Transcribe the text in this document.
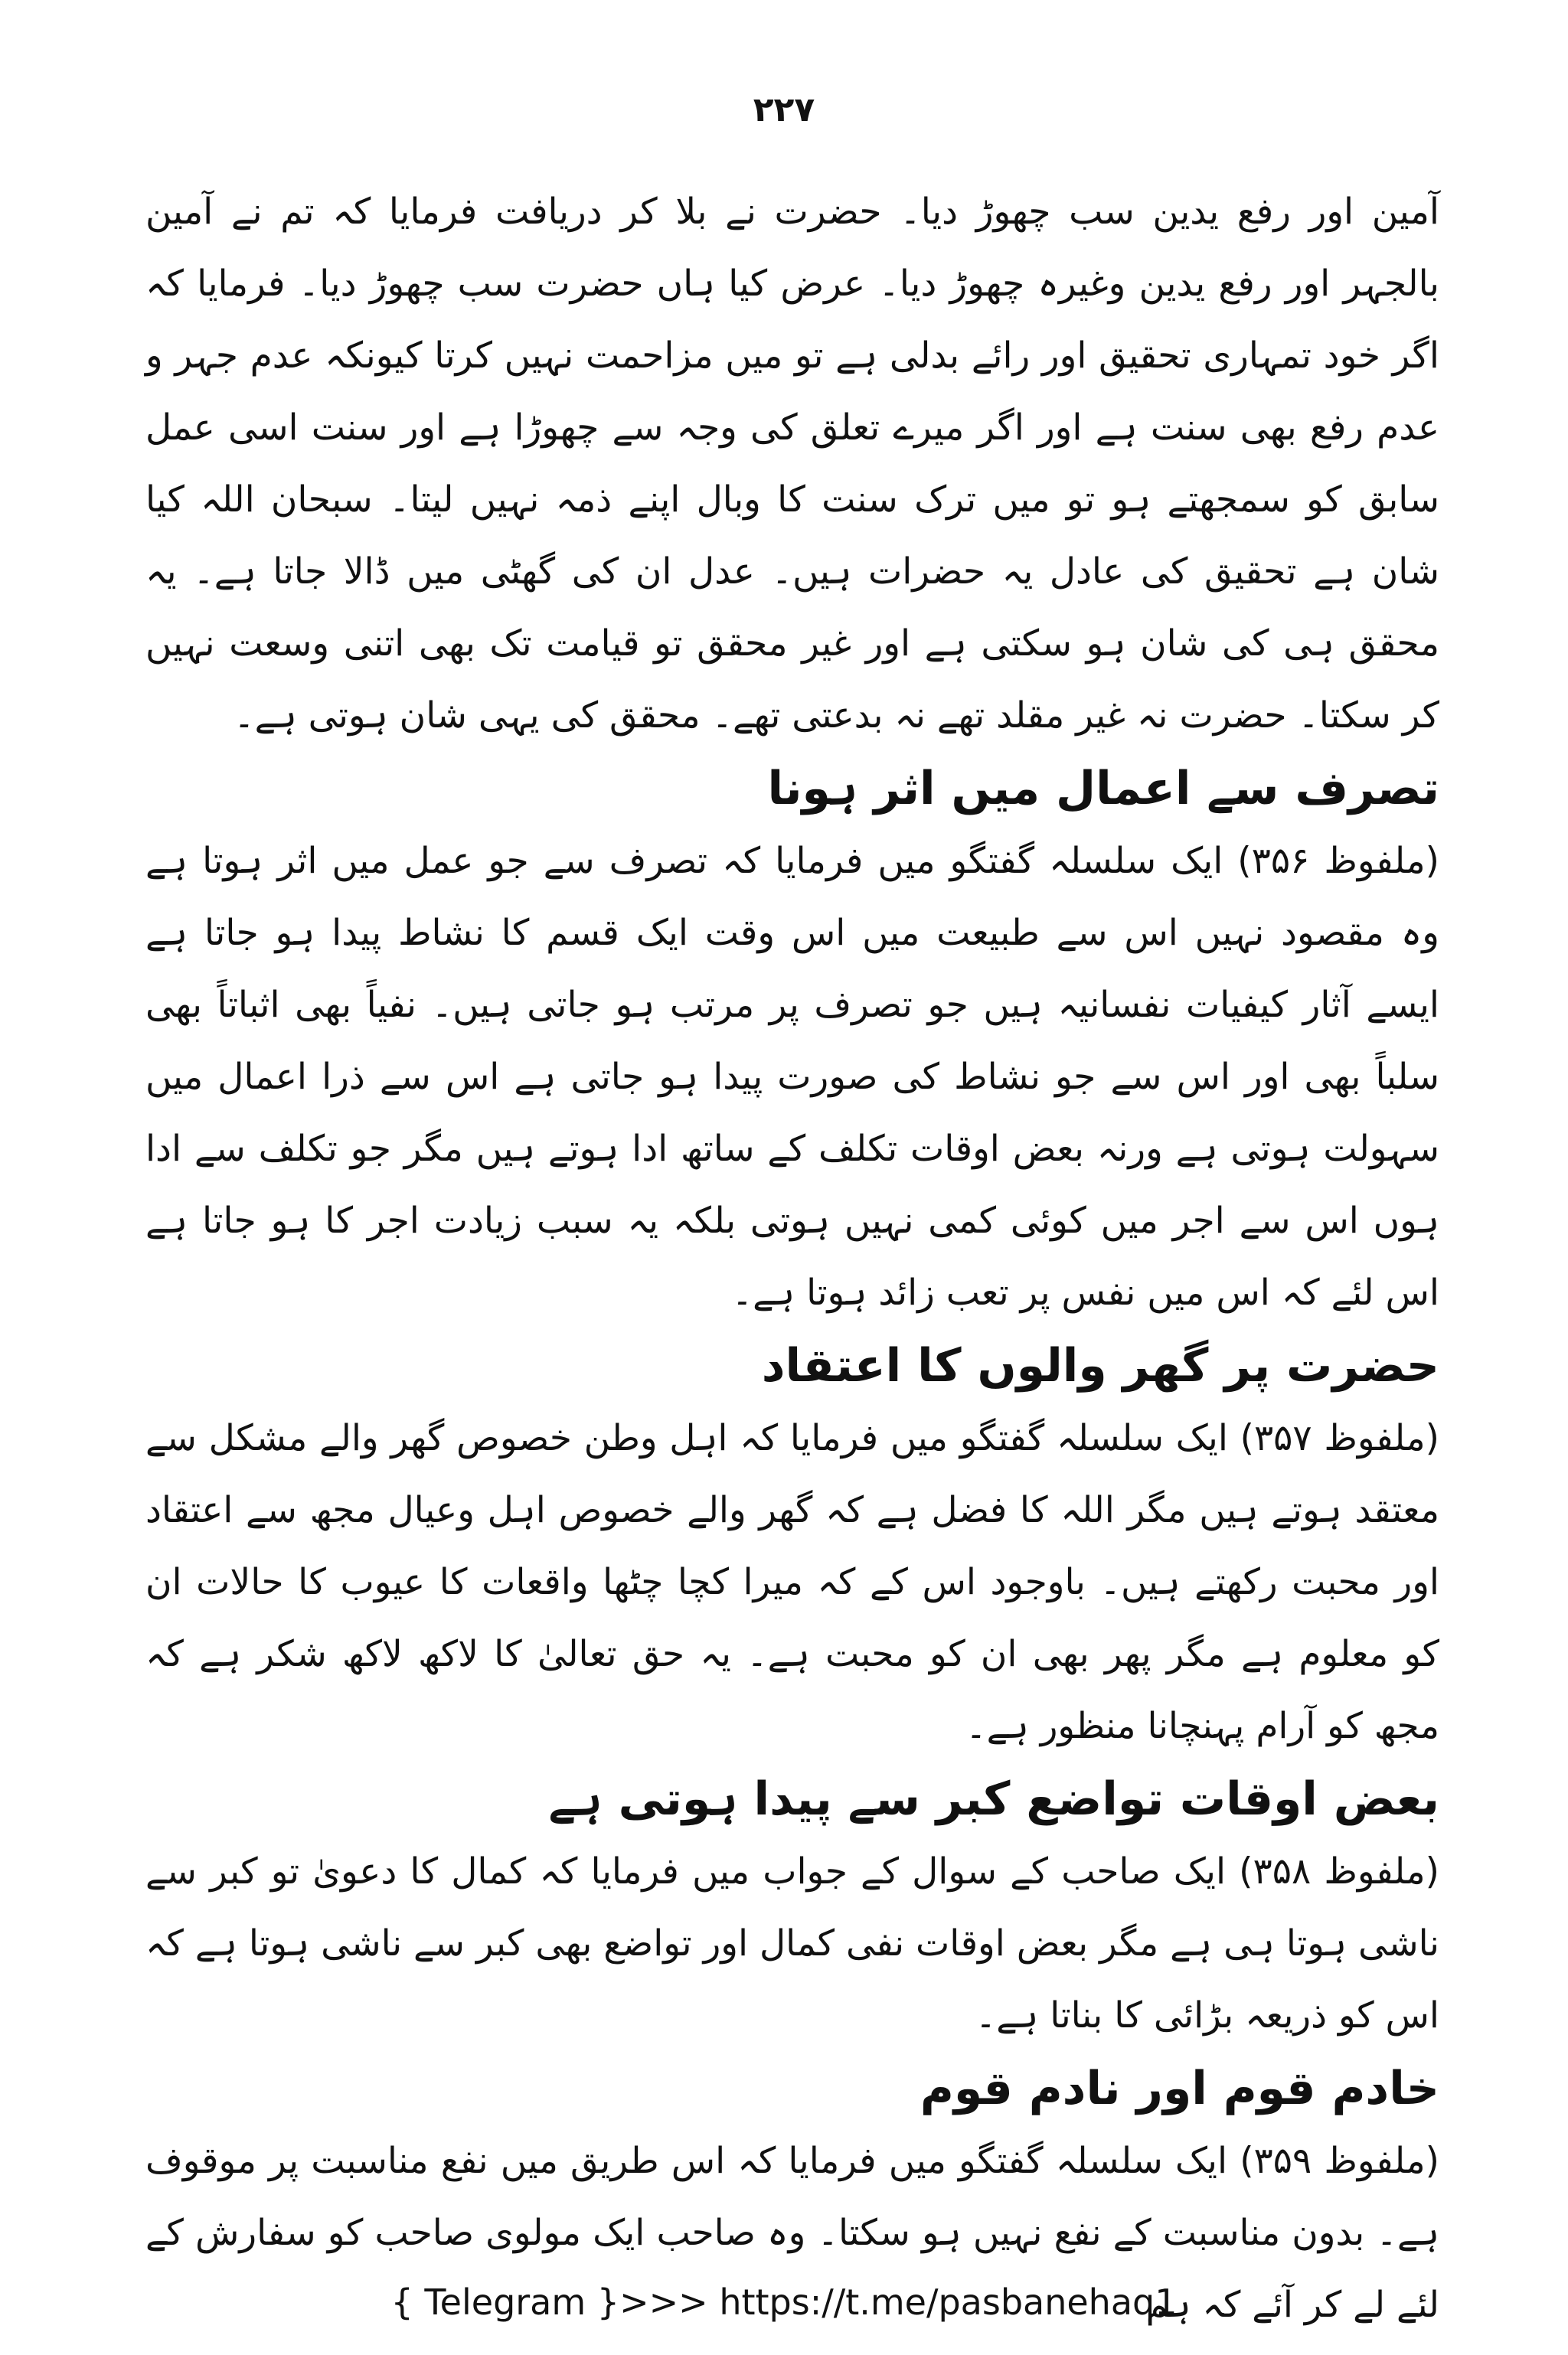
۲۲۷

آمین اور رفع یدین سب چھوڑ دیا۔ حضرت نے بلا کر دریافت فرمایا کہ تم نے آمین بالجہر اور رفع یدین وغیرہ چھوڑ دیا۔ عرض کیا ہاں حضرت سب چھوڑ دیا۔ فرمایا کہ اگر خود تمہاری تحقیق اور رائے بدلی ہے تو میں مزاحمت نہیں کرتا کیونکہ عدم جہر و عدم رفع بھی سنت ہے اور اگر میرے تعلق کی وجہ سے چھوڑا ہے اور سنت اسی عمل سابق کو سمجھتے ہو تو میں ترک سنت کا وبال اپنے ذمہ نہیں لیتا۔ سبحان اللہ کیا شان ہے تحقیق کی عادل یہ حضرات ہیں۔ عدل ان کی گھٹی میں ڈالا جاتا ہے۔ یہ محقق ہی کی شان ہو سکتی ہے اور غیر محقق تو قیامت تک بھی اتنی وسعت نہیں کر سکتا۔ حضرت نہ غیر مقلد تھے نہ بدعتی تھے۔ محقق کی یہی شان ہوتی ہے۔

تصرف سے اعمال میں اثر ہونا

(ملفوظ ۳۵۶) ایک سلسلہ گفتگو میں فرمایا کہ تصرف سے جو عمل میں اثر ہوتا ہے وہ مقصود نہیں اس سے طبیعت میں اس وقت ایک قسم کا نشاط پیدا ہو جاتا ہے ایسے آثار کیفیات نفسانیہ ہیں جو تصرف پر مرتب ہو جاتی ہیں۔ نفیاً بھی اثباتاً بھی سلباً بھی اور اس سے جو نشاط کی صورت پیدا ہو جاتی ہے اس سے ذرا اعمال میں سہولت ہوتی ہے ورنہ بعض اوقات تکلف کے ساتھ ادا ہوتے ہیں مگر جو تکلف سے ادا ہوں اس سے اجر میں کوئی کمی نہیں ہوتی بلکہ یہ سبب زیادت اجر کا ہو جاتا ہے اس لئے کہ اس میں نفس پر تعب زائد ہوتا ہے۔

حضرت پر گھر والوں کا اعتقاد

(ملفوظ ۳۵۷) ایک سلسلہ گفتگو میں فرمایا کہ اہل وطن خصوص گھر والے مشکل سے معتقد ہوتے ہیں مگر اللہ کا فضل ہے کہ گھر والے خصوص اہل وعیال مجھ سے اعتقاد اور محبت رکھتے ہیں۔ باوجود اس کے کہ میرا کچا چٹھا واقعات کا عیوب کا حالات ان کو معلوم ہے مگر پھر بھی ان کو محبت ہے۔ یہ حق تعالیٰ کا لاکھ لاکھ شکر ہے کہ مجھ کو آرام پہنچانا منظور ہے۔

بعض اوقات تواضع کبر سے پیدا ہوتی ہے

(ملفوظ ۳۵۸) ایک صاحب کے سوال کے جواب میں فرمایا کہ کمال کا دعویٰ تو کبر سے ناشی ہوتا ہی ہے مگر بعض اوقات نفی کمال اور تواضع بھی کبر سے ناشی ہوتا ہے کہ اس کو ذریعہ بڑائی کا بناتا ہے۔

خادم قوم اور نادم قوم

(ملفوظ ۳۵۹) ایک سلسلہ گفتگو میں فرمایا کہ اس طریق میں نفع مناسبت پر موقوف ہے۔ بدون مناسبت کے نفع نہیں ہو سکتا۔ وہ صاحب ایک مولوی صاحب کو سفارش کے لئے لے کر آئے کہ ہم

{ Telegram }>>> https://t.me/pasbanehaq1
